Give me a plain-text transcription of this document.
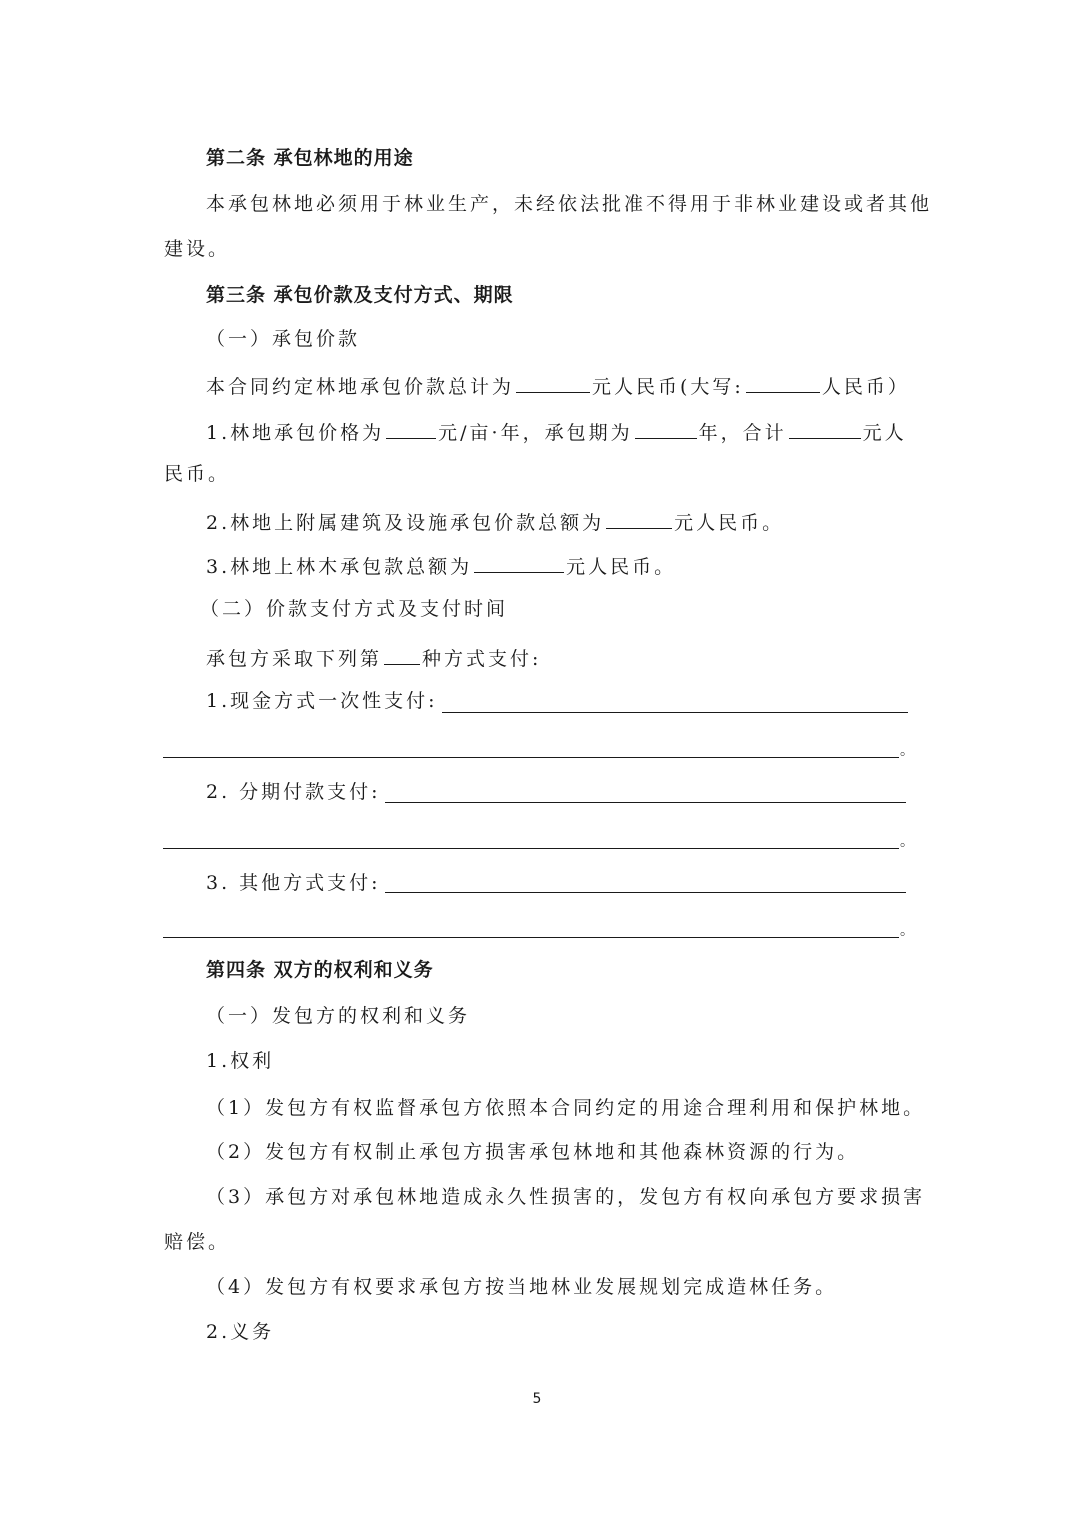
第二条 承包林地的用途
本承包林地必须用于林业生产，未经依法批准不得用于非林业建设或者其他
建设。
第三条 承包价款及支付方式、期限
（一）承包价款
本合同约定林地承包价款总计为	元人民币(大写:	人民币）
1.林地承包价格为	元/亩·年，承包期为	年，合计	元人
民币。
2.林地上附属建筑及设施承包价款总额为	元人民币。
3.林地上林木承包款总额为	元人民币。
（二）价款支付方式及支付时间
承包方采取下列第 种方式支付:
1.现金方式一次性支付:
。
2. 分期付款支付:
。
3. 其他方式支付:
。
第四条 双方的权利和义务
（一）发包方的权利和义务
1.权利
（1）发包方有权监督承包方依照本合同约定的用途合理利用和保护林地。
（2）发包方有权制止承包方损害承包林地和其他森林资源的行为。
（3）承包方对承包林地造成永久性损害的，发包方有权向承包方要求损害
赔偿。
（4）发包方有权要求承包方按当地林业发展规划完成造林任务。
2.义务
5
